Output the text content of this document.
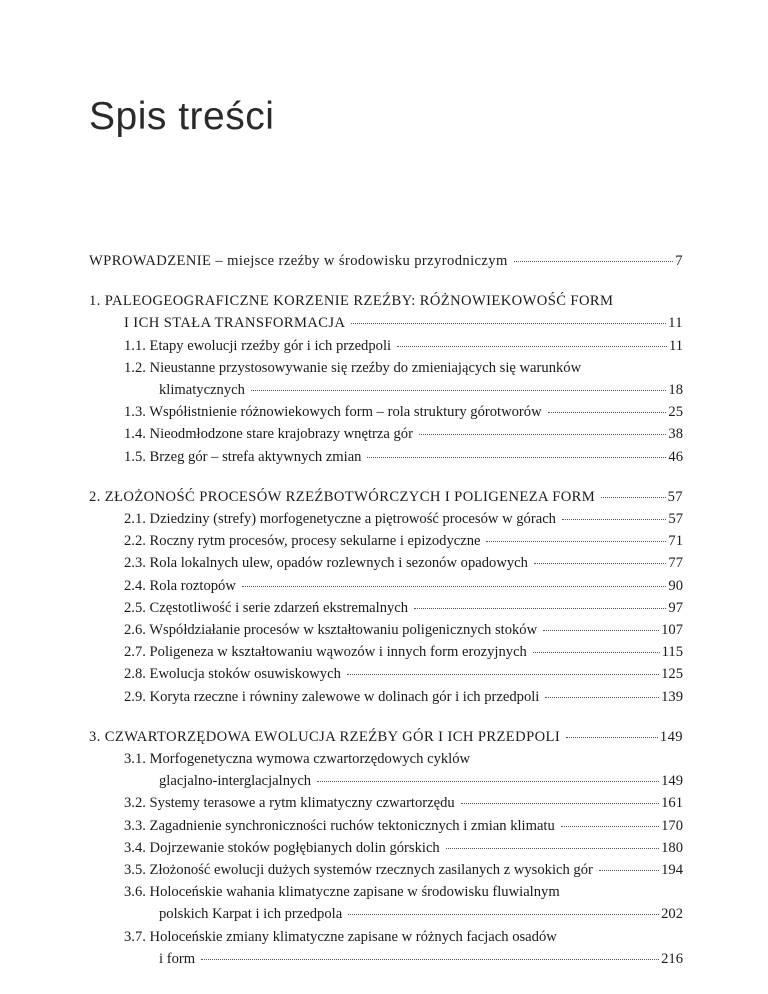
Spis treści
WPROWADZENIE – miejsce rzeźby w środowisku przyrodniczym	7
1. PALEOGEOGRAFICZNE KORZENIE RZEŹBY: RÓŻNOWIEKOWOŚĆ FORM
I ICH STAŁA TRANSFORMACJA	11
1.1. Etapy ewolucji rzeźby gór i ich przedpoli	11
1.2. Nieustanne przystosowywanie się rzeźby do zmieniających się warunków
klimatycznych	18
1.3. Współistnienie różnowiekowych form – rola struktury górotworów	25
1.4. Nieodmłodzone stare krajobrazy wnętrza gór	38
1.5. Brzeg gór – strefa aktywnych zmian	46
2. ZŁOŻONOŚĆ PROCESÓW RZEŹBOTWÓRCZYCH I POLIGENEZA FORM	57
2.1. Dziedziny (strefy) morfogenetyczne a piętrowość procesów w górach	57
2.2. Roczny rytm procesów, procesy sekularne i epizodyczne	71
2.3. Rola lokalnych ulew, opadów rozlewnych i sezonów opadowych	77
2.4. Rola roztopów	90
2.5. Częstotliwość i serie zdarzeń ekstremalnych	97
2.6. Współdziałanie procesów w kształtowaniu poligenicznych stoków	107
2.7. Poligeneza w kształtowaniu wąwozów i innych form erozyjnych	115
2.8. Ewolucja stoków osuwiskowych	125
2.9. Koryta rzeczne i równiny zalewowe w dolinach gór i ich przedpoli	139
3. CZWARTORZĘDOWA EWOLUCJA RZEŹBY GÓR I ICH PRZEDPOLI	149
3.1. Morfogenetyczna wymowa czwartorzędowych cyklów
glacjalno-interglacjalnych	149
3.2. Systemy terasowe a rytm klimatyczny czwartorzędu	161
3.3. Zagadnienie synchroniczności ruchów tektonicznych i zmian klimatu	170
3.4. Dojrzewanie stoków pogłębianych dolin górskich	180
3.5. Złożoność ewolucji dużych systemów rzecznych zasilanych z wysokich gór	194
3.6. Holoceńskie wahania klimatyczne zapisane w środowisku fluwialnym
polskich Karpat i ich przedpola	202
3.7. Holoceńskie zmiany klimatyczne zapisane w różnych facjach osadów
i form	216
